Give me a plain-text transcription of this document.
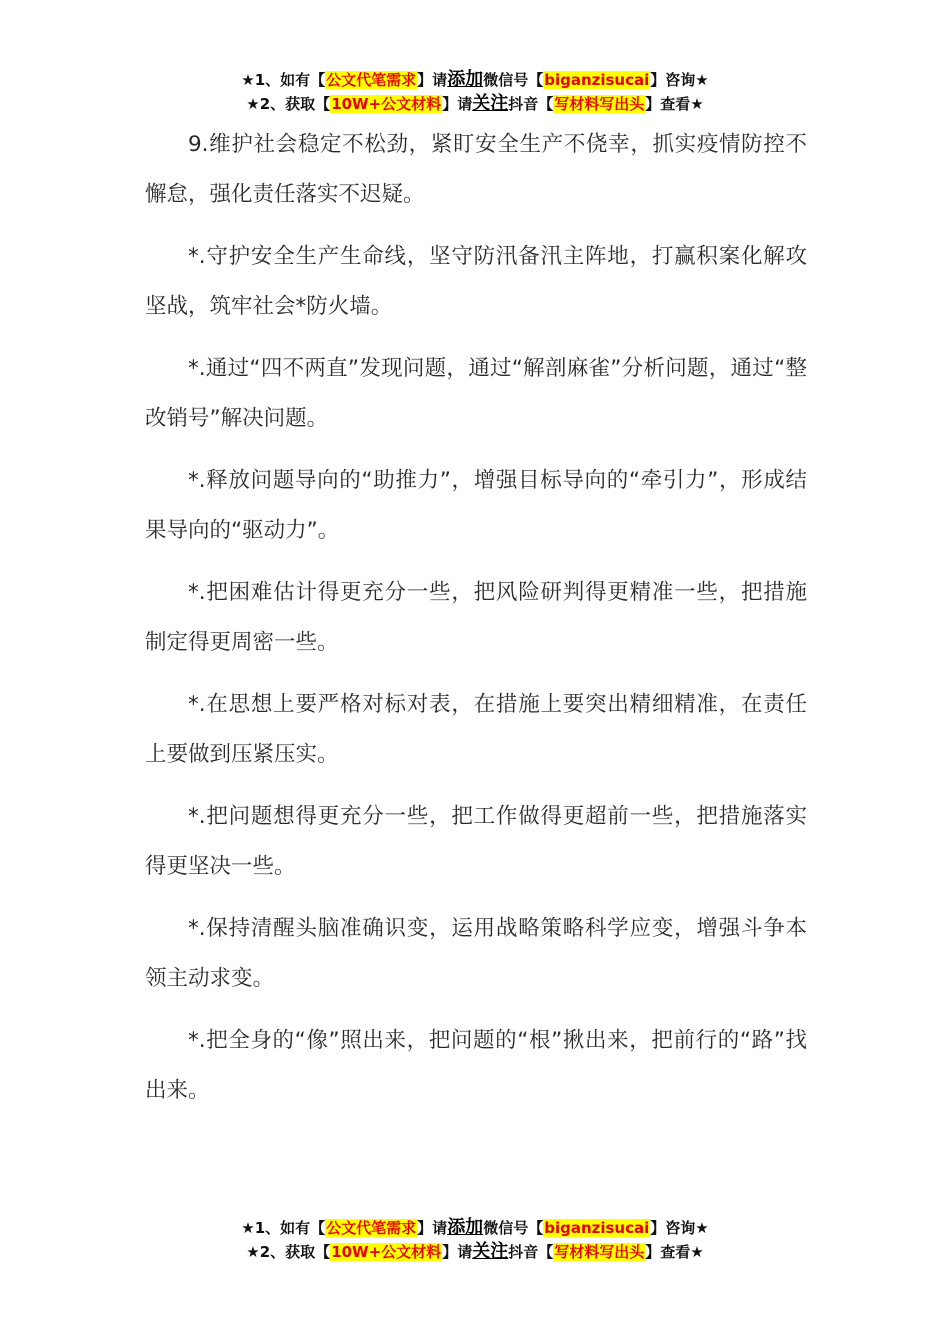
★1、如有【公文代笔需求】请添加微信号【biganzisucai】咨询★
★2、获取【10W+公文材料】请关注抖音【写材料写出头】查看★

9.维护社会稳定不松劲，紧盯安全生产不侥幸，抓实疫情防控不懈怠，强化责任落实不迟疑。

*.守护安全生产生命线，坚守防汛备汛主阵地，打赢积案化解攻坚战，筑牢社会*防火墙。

*.通过“四不两直”发现问题，通过“解剖麻雀”分析问题，通过“整改销号”解决问题。

*.释放问题导向的“助推力”，增强目标导向的“牵引力”，形成结果导向的“驱动力”。

*.把困难估计得更充分一些，把风险研判得更精准一些，把措施制定得更周密一些。

*.在思想上要严格对标对表，在措施上要突出精细精准，在责任上要做到压紧压实。

*.把问题想得更充分一些，把工作做得更超前一些，把措施落实得更坚决一些。

*.保持清醒头脑准确识变，运用战略策略科学应变，增强斗争本领主动求变。

*.把全身的“像”照出来，把问题的“根”揪出来，把前行的“路”找出来。

★1、如有【公文代笔需求】请添加微信号【biganzisucai】咨询★
★2、获取【10W+公文材料】请关注抖音【写材料写出头】查看★
